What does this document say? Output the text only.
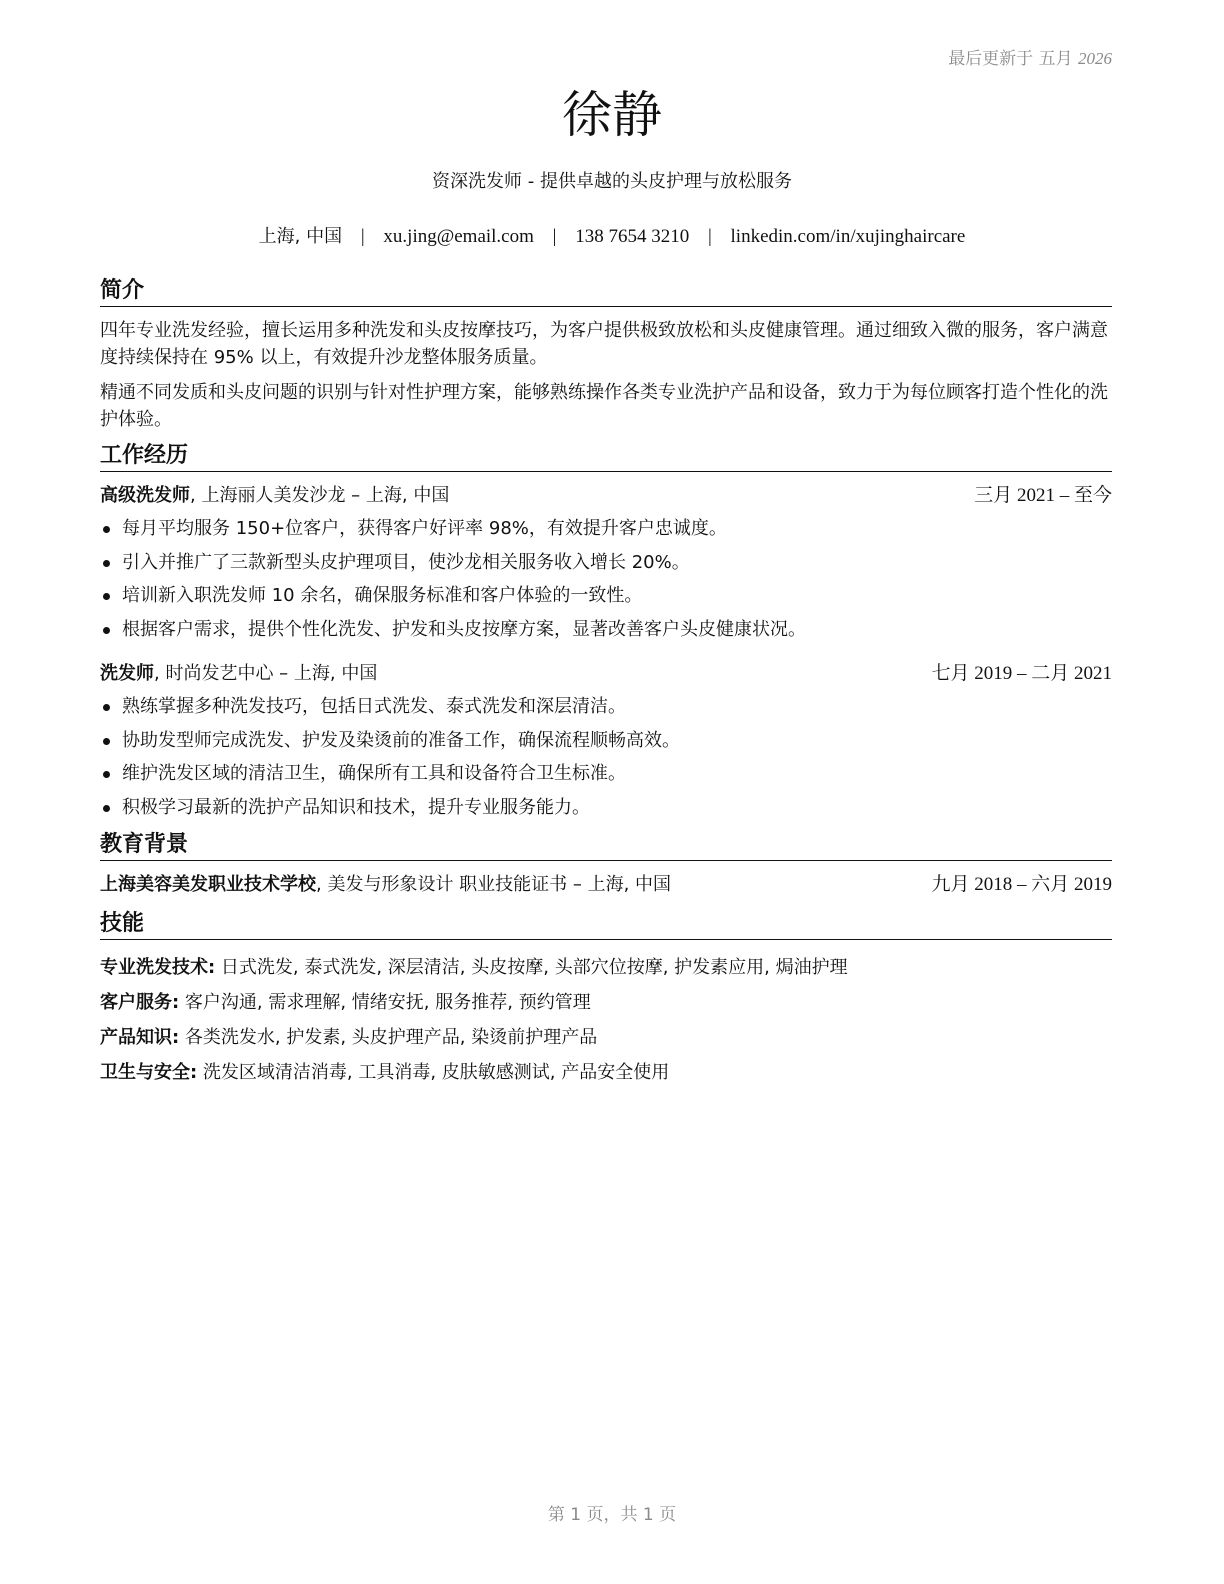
最后更新于 五月 2026
徐静
资深洗发师 - 提供卓越的头皮护理与放松服务
上海, 中国 | xu.jing@email.com | 138 7654 3210 | linkedin.com/in/xujinghaircare
简介

四年专业洗发经验，擅长运用多种洗发和头皮按摩技巧，为客户提供极致放松和头皮健康管理。通过细致入微的服务，客户满意度持续保持在 95% 以上，有效提升沙龙整体服务质量。

精通不同发质和头皮问题的识别与针对性护理方案，能够熟练操作各类专业洗护产品和设备，致力于为每位顾客打造个性化的洗护体验。

工作经历
高级洗发师, 上海丽人美发沙龙 – 上海, 中国	三月 2021 – 至今
每月平均服务 150+位客户，获得客户好评率 98%，有效提升客户忠诚度。
引入并推广了三款新型头皮护理项目，使沙龙相关服务收入增长 20%。
培训新入职洗发师 10 余名，确保服务标准和客户体验的一致性。
根据客户需求，提供个性化洗发、护发和头皮按摩方案，显著改善客户头皮健康状况。
洗发师, 时尚发艺中心 – 上海, 中国	七月 2019 – 二月 2021
熟练掌握多种洗发技巧，包括日式洗发、泰式洗发和深层清洁。
协助发型师完成洗发、护发及染烫前的准备工作，确保流程顺畅高效。
维护洗发区域的清洁卫生，确保所有工具和设备符合卫生标准。
积极学习最新的洗护产品知识和技术，提升专业服务能力。
教育背景
上海美容美发职业技术学校, 美发与形象设计 职业技能证书 – 上海, 中国	九月 2018 – 六月 2019
技能
专业洗发技术: 日式洗发, 泰式洗发, 深层清洁, 头皮按摩, 头部穴位按摩, 护发素应用, 焗油护理
客户服务: 客户沟通, 需求理解, 情绪安抚, 服务推荐, 预约管理
产品知识: 各类洗发水, 护发素, 头皮护理产品, 染烫前护理产品
卫生与安全: 洗发区域清洁消毒, 工具消毒, 皮肤敏感测试, 产品安全使用
第 1 页，共 1 页
